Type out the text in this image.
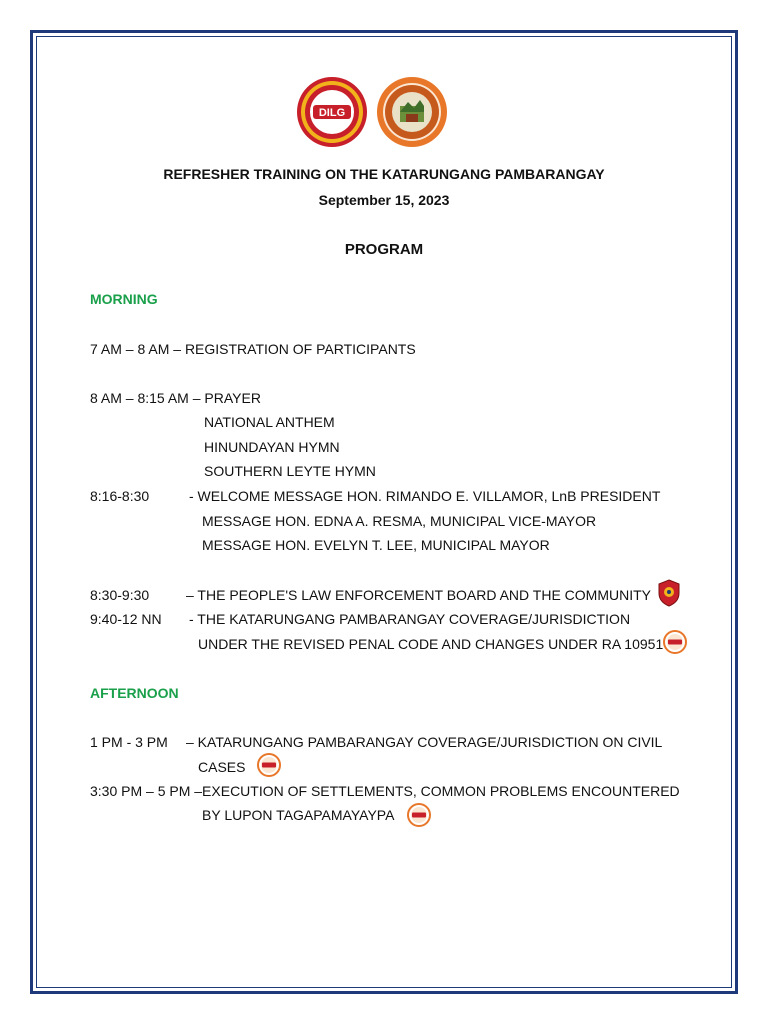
DILG
REFRESHER TRAINING ON THE KATARUNGANG PAMBARANGAY
September 15, 2023
PROGRAM
MORNING
7 AM – 8 AM – REGISTRATION OF PARTICIPANTS
8 AM – 8:15 AM – PRAYER
NATIONAL ANTHEM
HINUNDAYAN HYMN
SOUTHERN LEYTE HYMN
8:16-8:30	- WELCOME MESSAGE HON. RIMANDO E. VILLAMOR, LnB PRESIDENT
MESSAGE HON. EDNA A. RESMA, MUNICIPAL VICE-MAYOR
MESSAGE HON. EVELYN T. LEE, MUNICIPAL MAYOR
8:30-9:30	– THE PEOPLE'S LAW ENFORCEMENT BOARD AND THE COMMUNITY
9:40-12 NN - THE KATARUNGANG PAMBARANGAY COVERAGE/JURISDICTION
UNDER THE REVISED PENAL CODE AND CHANGES UNDER RA 10951
AFTERNOON
1 PM - 3 PM – KATARUNGANG PAMBARANGAY COVERAGE/JURISDICTION ON CIVIL
CASES
3:30 PM – 5 PM –EXECUTION OF SETTLEMENTS, COMMON PROBLEMS ENCOUNTERED
BY LUPON TAGAPAMAYAYPA
